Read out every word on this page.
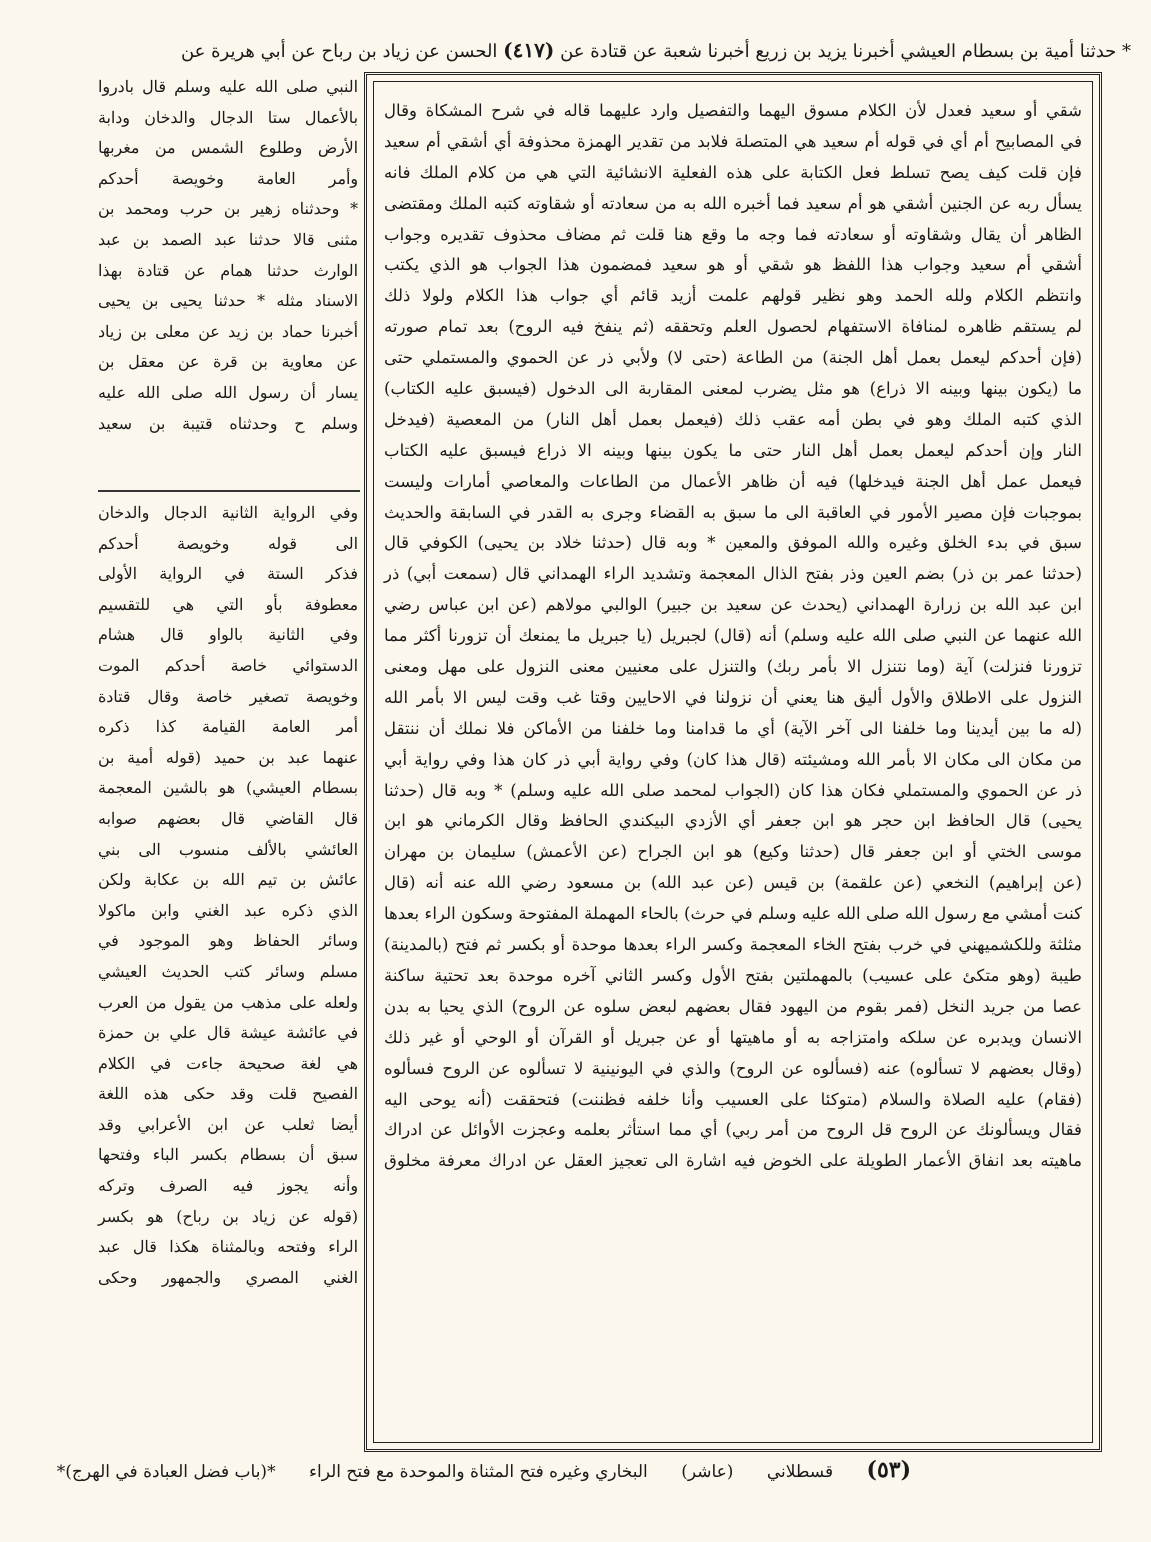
* حدثنا أمية بن بسطام العيشي أخبرنا يزيد بن زريع أخبرنا شعبة عن قتادة عن (٤١٧) الحسن عن زياد بن رباح عن أبي هريرة عن
شقي أو سعيد فعدل لأن الكلام مسوق اليهما والتفصيل وارد عليهما قاله في شرح المشكاة وقال
في المصابيح أم أي في قوله أم سعيد هي المتصلة فلابد من تقدير الهمزة محذوفة أي أشقي أم سعيد
فإن قلت كيف يصح تسلط فعل الكتابة على هذه الفعلية الانشائية التي هي من كلام الملك فانه
يسأل ربه عن الجنين أشقي هو أم سعيد فما أخبره الله به من سعادته أو شقاوته كتبه الملك ومقتضى
الظاهر أن يقال وشقاوته أو سعادته فما وجه ما وقع هنا قلت ثم مضاف محذوف تقديره وجواب
أشقي أم سعيد وجواب هذا اللفظ هو شقي أو هو سعيد فمضمون هذا الجواب هو الذي يكتب
وانتظم الكلام ولله الحمد وهو نظير قولهم علمت أزيد قائم أي جواب هذا الكلام ولولا ذلك
لم يستقم ظاهره لمنافاة الاستفهام لحصول العلم وتحققه (ثم ينفخ فيه الروح) بعد تمام صورته
(فإن أحدكم ليعمل بعمل أهل الجنة) من الطاعة (حتى لا) ولأبي ذر عن الحموي والمستملي حتى
ما (يكون بينها وبينه الا ذراع) هو مثل يضرب لمعنى المقاربة الى الدخول (فيسبق عليه الكتاب)
الذي كتبه الملك وهو في بطن أمه عقب ذلك (فيعمل بعمل أهل النار) من المعصية (فيدخل
النار وإن أحدكم ليعمل بعمل أهل النار حتى ما يكون بينها وبينه الا ذراع فيسبق عليه الكتاب
فيعمل عمل أهل الجنة فيدخلها) فيه أن ظاهر الأعمال من الطاعات والمعاصي أمارات وليست
بموجبات فإن مصير الأمور في العاقبة الى ما سبق به القضاء وجرى به القدر في السابقة والحديث
سبق في بدء الخلق وغيره والله الموفق والمعين * وبه قال (حدثنا خلاد بن يحيى) الكوفي قال
(حدثنا عمر بن ذر) بضم العين وذر بفتح الذال المعجمة وتشديد الراء الهمداني قال (سمعت أبي) ذر
ابن عبد الله بن زرارة الهمداني (يحدث عن سعيد بن جبير) الوالبي مولاهم (عن ابن عباس رضي
الله عنهما عن النبي صلى الله عليه وسلم) أنه (قال) لجبريل (يا جبريل ما يمنعك أن تزورنا أكثر مما
تزورنا فنزلت) آية (وما نتنزل الا بأمر ربك) والتنزل على معنيين معنى النزول على مهل ومعنى
النزول على الاطلاق والأول أليق هنا يعني أن نزولنا في الاحايين وقتا غب وقت ليس الا بأمر الله
(له ما بين أيدينا وما خلفنا الى آخر الآية) أي ما قدامنا وما خلفنا من الأماكن فلا نملك أن ننتقل
من مكان الى مكان الا بأمر الله ومشيئته (قال هذا كان) وفي رواية أبي ذر كان هذا وفي رواية أبي
ذر عن الحموي والمستملي فكان هذا كان (الجواب لمحمد صلى الله عليه وسلم) * وبه قال (حدثنا
يحيى) قال الحافظ ابن حجر هو ابن جعفر أي الأزدي البيكندي الحافظ وقال الكرماني هو ابن
موسى الختي أو ابن جعفر قال (حدثنا وكيع) هو ابن الجراح (عن الأعمش) سليمان بن مهران
(عن إبراهيم) النخعي (عن علقمة) بن قيس (عن عبد الله) بن مسعود رضي الله عنه أنه (قال
كنت أمشي مع رسول الله صلى الله عليه وسلم في حرث) بالحاء المهملة المفتوحة وسكون الراء بعدها
مثلثة وللكشميهني في خرب بفتح الخاء المعجمة وكسر الراء بعدها موحدة أو بكسر ثم فتح (بالمدينة)
طيبة (وهو متكئ على عسيب) بالمهملتين بفتح الأول وكسر الثاني آخره موحدة بعد تحتية ساكنة
عصا من جريد النخل (فمر بقوم من اليهود فقال بعضهم لبعض سلوه عن الروح) الذي يحيا به بدن
الانسان ويدبره عن سلكه وامتزاجه به أو ماهيتها أو عن جبريل أو القرآن أو الوحي أو غير ذلك
(وقال بعضهم لا تسألوه) عنه (فسألوه عن الروح) والذي في اليونينية لا تسألوه عن الروح فسألوه
(فقام) عليه الصلاة والسلام (متوكئا على العسيب وأنا خلفه فظننت) فتحققت (أنه يوحى اليه
فقال ويسألونك عن الروح قل الروح من أمر ربي) أي مما استأثر بعلمه وعجزت الأوائل عن ادراك
ماهيته بعد انفاق الأعمار الطويلة على الخوض فيه اشارة الى تعجيز العقل عن ادراك معرفة مخلوق
النبي صلى الله عليه وسلم قال بادروا
بالأعمال ستا الدجال والدخان ودابة
الأرض وطلوع الشمس من مغربها
وأمر العامة وخويصة أحدكم
* وحدثناه زهير بن حرب ومحمد بن
مثنى قالا حدثنا عبد الصمد بن عبد
الوارث حدثنا همام عن قتادة بهذا
الاسناد مثله * حدثنا يحيى بن يحيى
أخبرنا حماد بن زيد عن معلى بن زياد
عن معاوية بن قرة عن معقل بن
يسار أن رسول الله صلى الله عليه
وسلم ح وحدثناه قتيبة بن سعيد
وفي الرواية الثانية الدجال والدخان
الى قوله وخويصة أحدكم
فذكر الستة في الرواية الأولى
معطوفة بأو التي هي للتقسيم
وفي الثانية بالواو قال هشام
الدستوائي خاصة أحدكم الموت
وخويصة تصغير خاصة وقال قتادة
أمر العامة القيامة كذا ذكره
عنهما عبد بن حميد (قوله أمية بن
بسطام العيشي) هو بالشين المعجمة
قال القاضي قال بعضهم صوابه
العائشي بالألف منسوب الى بني
عائش بن تيم الله بن عكابة ولكن
الذي ذكره عبد الغني وابن ماكولا
وسائر الحفاظ وهو الموجود في
مسلم وسائر كتب الحديث العيشي
ولعله على مذهب من يقول من العرب
في عائشة عيشة قال علي بن حمزة
هي لغة صحيحة جاءت في الكلام
الفصيح قلت وقد حكى هذه اللغة
أيضا ثعلب عن ابن الأعرابي وقد
سبق أن بسطام بكسر الباء وفتحها
وأنه يجوز فيه الصرف وتركه
(قوله عن زياد بن رباح) هو بكسر
الراء وفتحه وبالمثناة هكذا قال عبد
الغني المصري والجمهور وحكى
(٥٣) قسطلاني (عاشر) البخاري وغيره فتح المثناة والموحدة مع فتح الراء *(باب فضل العبادة في الهرج)*
